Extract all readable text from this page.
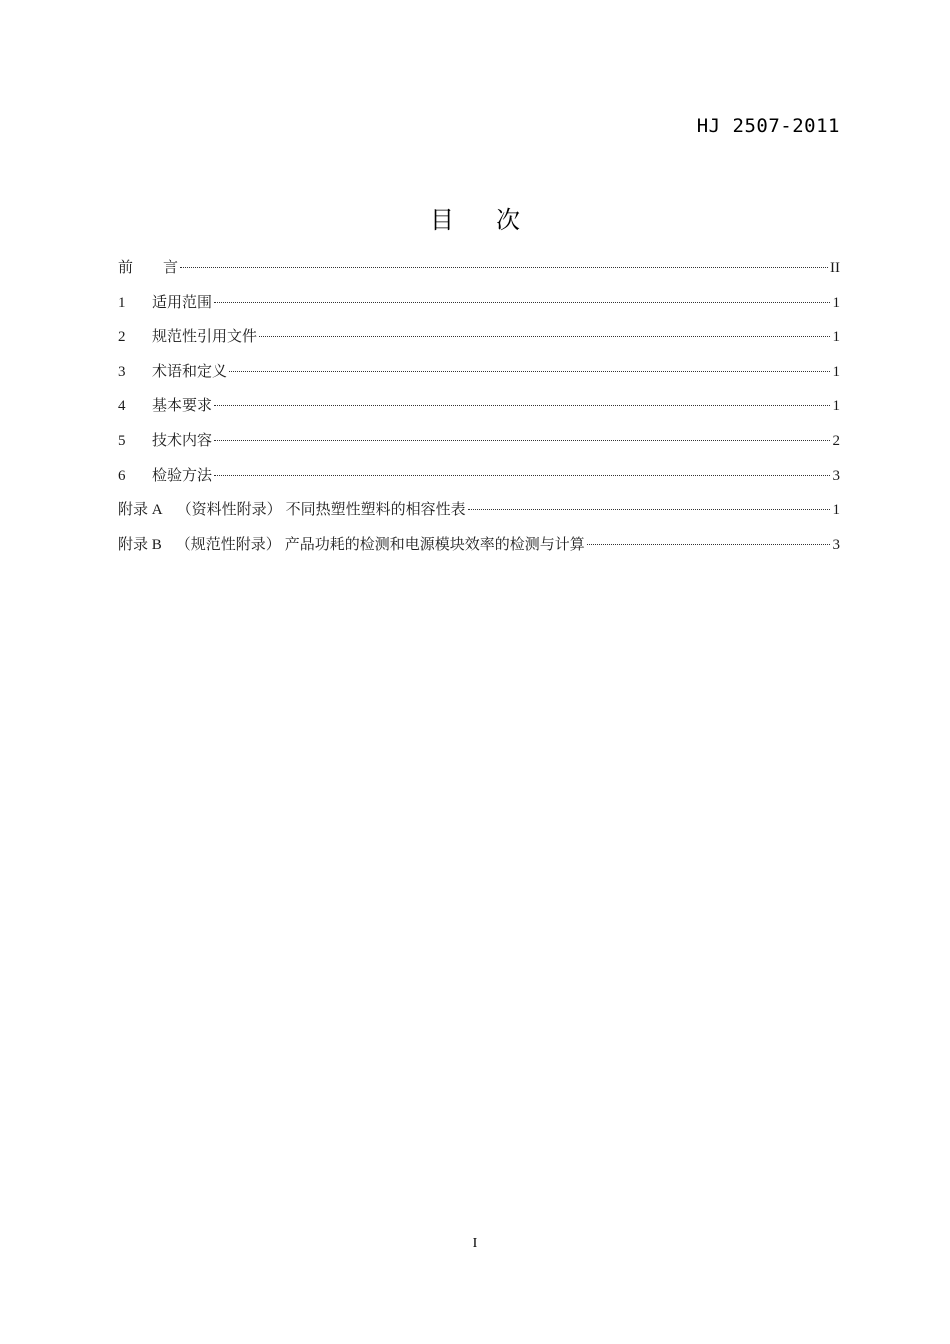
HJ 2507-2011
目 次
前　　言	II
1	适用范围	1
2	规范性引用文件	1
3	术语和定义	1
4	基本要求	1
5	技术内容	2
6	检验方法	3
附录 A （资料性附录） 不同热塑性塑料的相容性表	1
附录 B （规范性附录） 产品功耗的检测和电源模块效率的检测与计算	3
I
